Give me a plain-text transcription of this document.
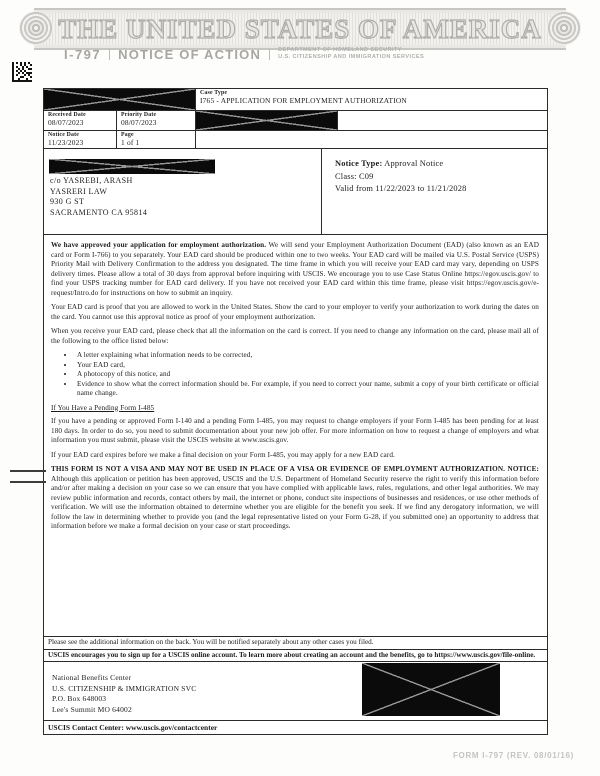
THE UNITED STATES OF AMERICA
I-797 NOTICE OF ACTION	DEPARTMENT OF HOMELAND SECURITY
U.S. CITIZENSHIP AND IMMIGRATION SERVICES
Case Type
I765 - APPLICATION FOR EMPLOYMENT AUTHORIZATION
Received Date
08/07/2023
Priority Date
08/07/2023
Notice Date
11/23/2023
Page
1 of 1
c/o YASREBI, ARASH
YASRERI LAW
930 G ST
SACRAMENTO CA 95814
Notice Type: Approval Notice
Class: C09
Valid from 11/22/2023 to 11/21/2028

We have approved your application for employment authorization. We will send your Employment Authorization Document (EAD) (also known as an EAD card or Form I-766) to you separately. Your EAD card should be produced within one to two weeks. Your EAD card will be mailed via U.S. Postal Service (USPS) Priority Mail with Delivery Confirmation to the address you designated. The time frame in which you will receive your EAD card may vary, depending on USPS delivery times. Please allow a total of 30 days from approval before inquiring with USCIS. We encourage you to use Case Status Online https://egov.uscis.gov/ to find your USPS tracking number for EAD card delivery. If you have not received your EAD card within this time frame, please visit https://egov.uscis.gov/e-request/Intro.do for instructions on how to submit an inquiry.

Your EAD card is proof that you are allowed to work in the United States. Show the card to your employer to verify your authorization to work during the dates on the card. You cannot use this approval notice as proof of your employment authorization.

When you receive your EAD card, please check that all the information on the card is correct. If you need to change any information on the card, please mail all of the following to the office listed below:

• A letter explaining what information needs to be corrected,
• Your EAD card,
• A photocopy of this notice, and
• Evidence to show what the correct information should be. For example, if you need to correct your name, submit a copy of your birth certificate or official name change.

If You Have a Pending Form I-485

If you have a pending or approved Form I-140 and a pending Form I-485, you may request to change employers if your Form I-485 has been pending for at least 180 days. In order to do so, you need to submit documentation about your new job offer. For more information on how to request a change of employers and what information you must submit, please visit the USCIS website at www.uscis.gov.

If your EAD card expires before we make a final decision on your Form I-485, you may apply for a new EAD card.

THIS FORM IS NOT A VISA AND MAY NOT BE USED IN PLACE OF A VISA OR EVIDENCE OF EMPLOYMENT AUTHORIZATION. NOTICE: Although this application or petition has been approved, USCIS and the U.S. Department of Homeland Security reserve the right to verify this information before and/or after making a decision on your case so we can ensure that you have complied with applicable laws, rules, regulations, and other legal authorities. We may review public information and records, contact others by mail, the internet or phone, conduct site inspections of businesses and residences, or use other methods of verification. We will use the information obtained to determine whether you are eligible for the benefit you seek. If we find any derogatory information, we will follow the law in determining whether to provide you (and the legal representative listed on your Form G-28, if you submitted one) an opportunity to address that information before we make a formal decision on your case or start proceedings.

Please see the additional information on the back. You will be notified separately about any other cases you filed.
USCIS encourages you to sign up for a USCIS online account. To learn more about creating an account and the benefits, go to https://www.uscis.gov/file-online.
National Benefits Center
U.S. CITIZENSHIP & IMMIGRATION SVC
P.O. Box 648003
Lee's Summit MO 64002
USCIS Contact Center: www.uscis.gov/contactcenter
FORM I-797 (REV. 08/01/16)
